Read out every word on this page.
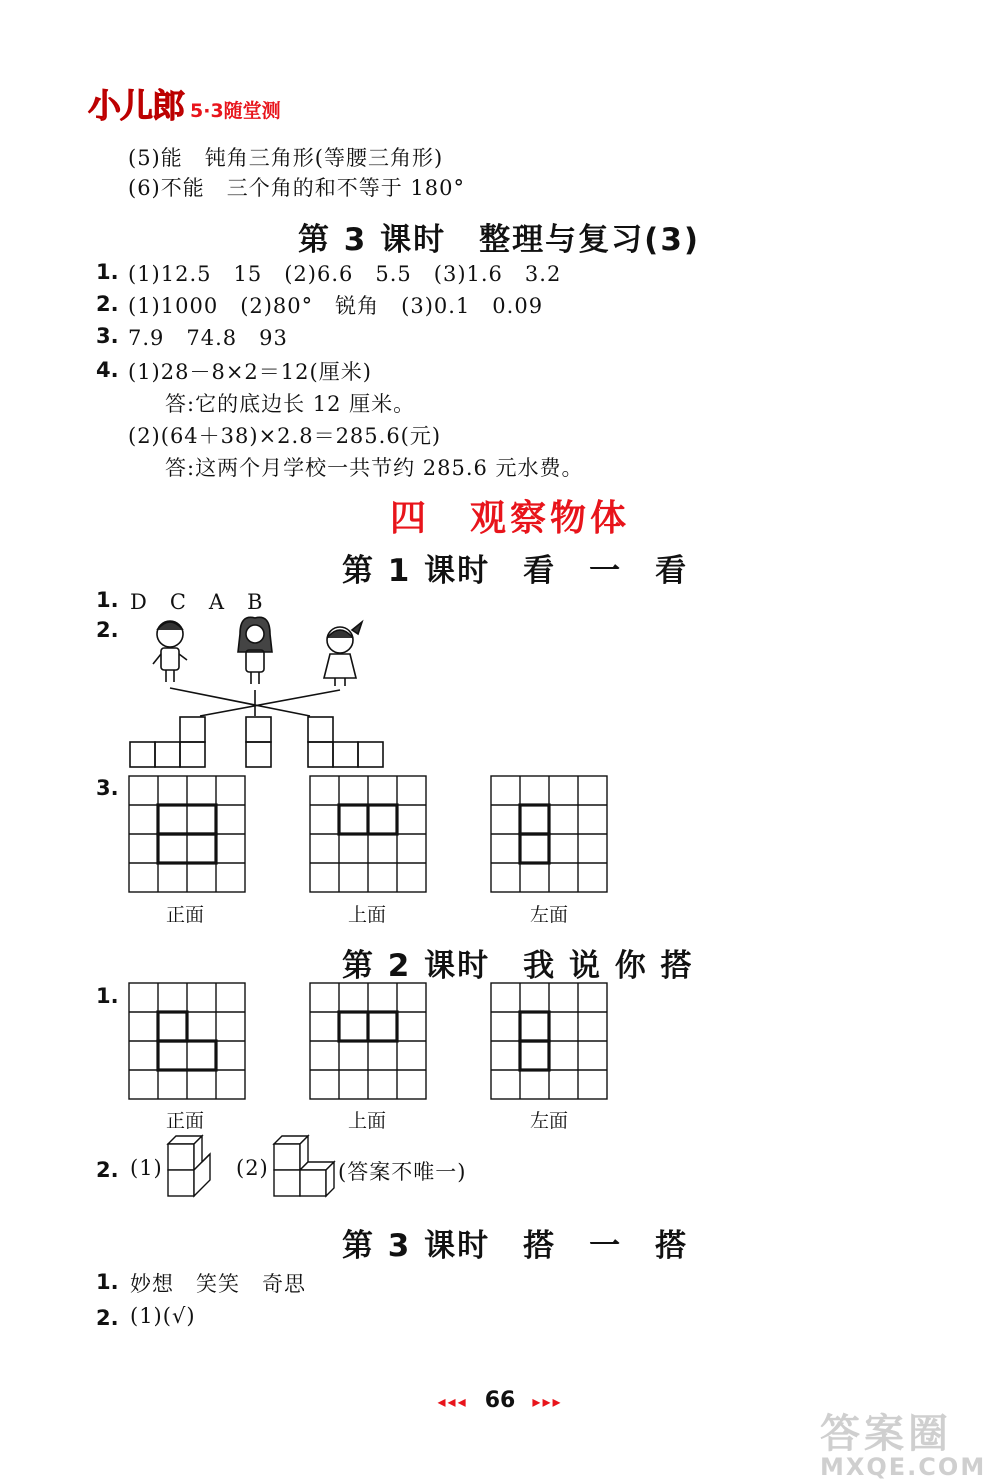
小儿郎 5·3随堂测
(5)能　钝角三角形(等腰三角形)
(6)不能　三个角的和不等于 180°
第 3 课时　整理与复习(3)
1. (1)12.5　15　(2)6.6　5.5　(3)1.6　3.2
2. (1)1000　(2)80°　锐角　(3)0.1　0.09
3. 7.9　74.8　93
4. (1)28－8×2＝12(厘米)
答:它的底边长 12 厘米。
(2)(64＋38)×2.8＝285.6(元)
答:这两个月学校一共节约 285.6 元水费。
四　观察物体
第 1 课时　看　一　看
1. D　C　A　B
2.
3.
正面	上面	左面
第 2 课时　我 说 你 搭
1.
正面	上面	左面
2. (1)	(2)	(答案不唯一)
第 3 课时　搭　一　搭
1. 妙想　笑笑　奇思
2. (1)(√)
◂◂◂ 66 ▸▸▸
答案圈
MXQE.COM
